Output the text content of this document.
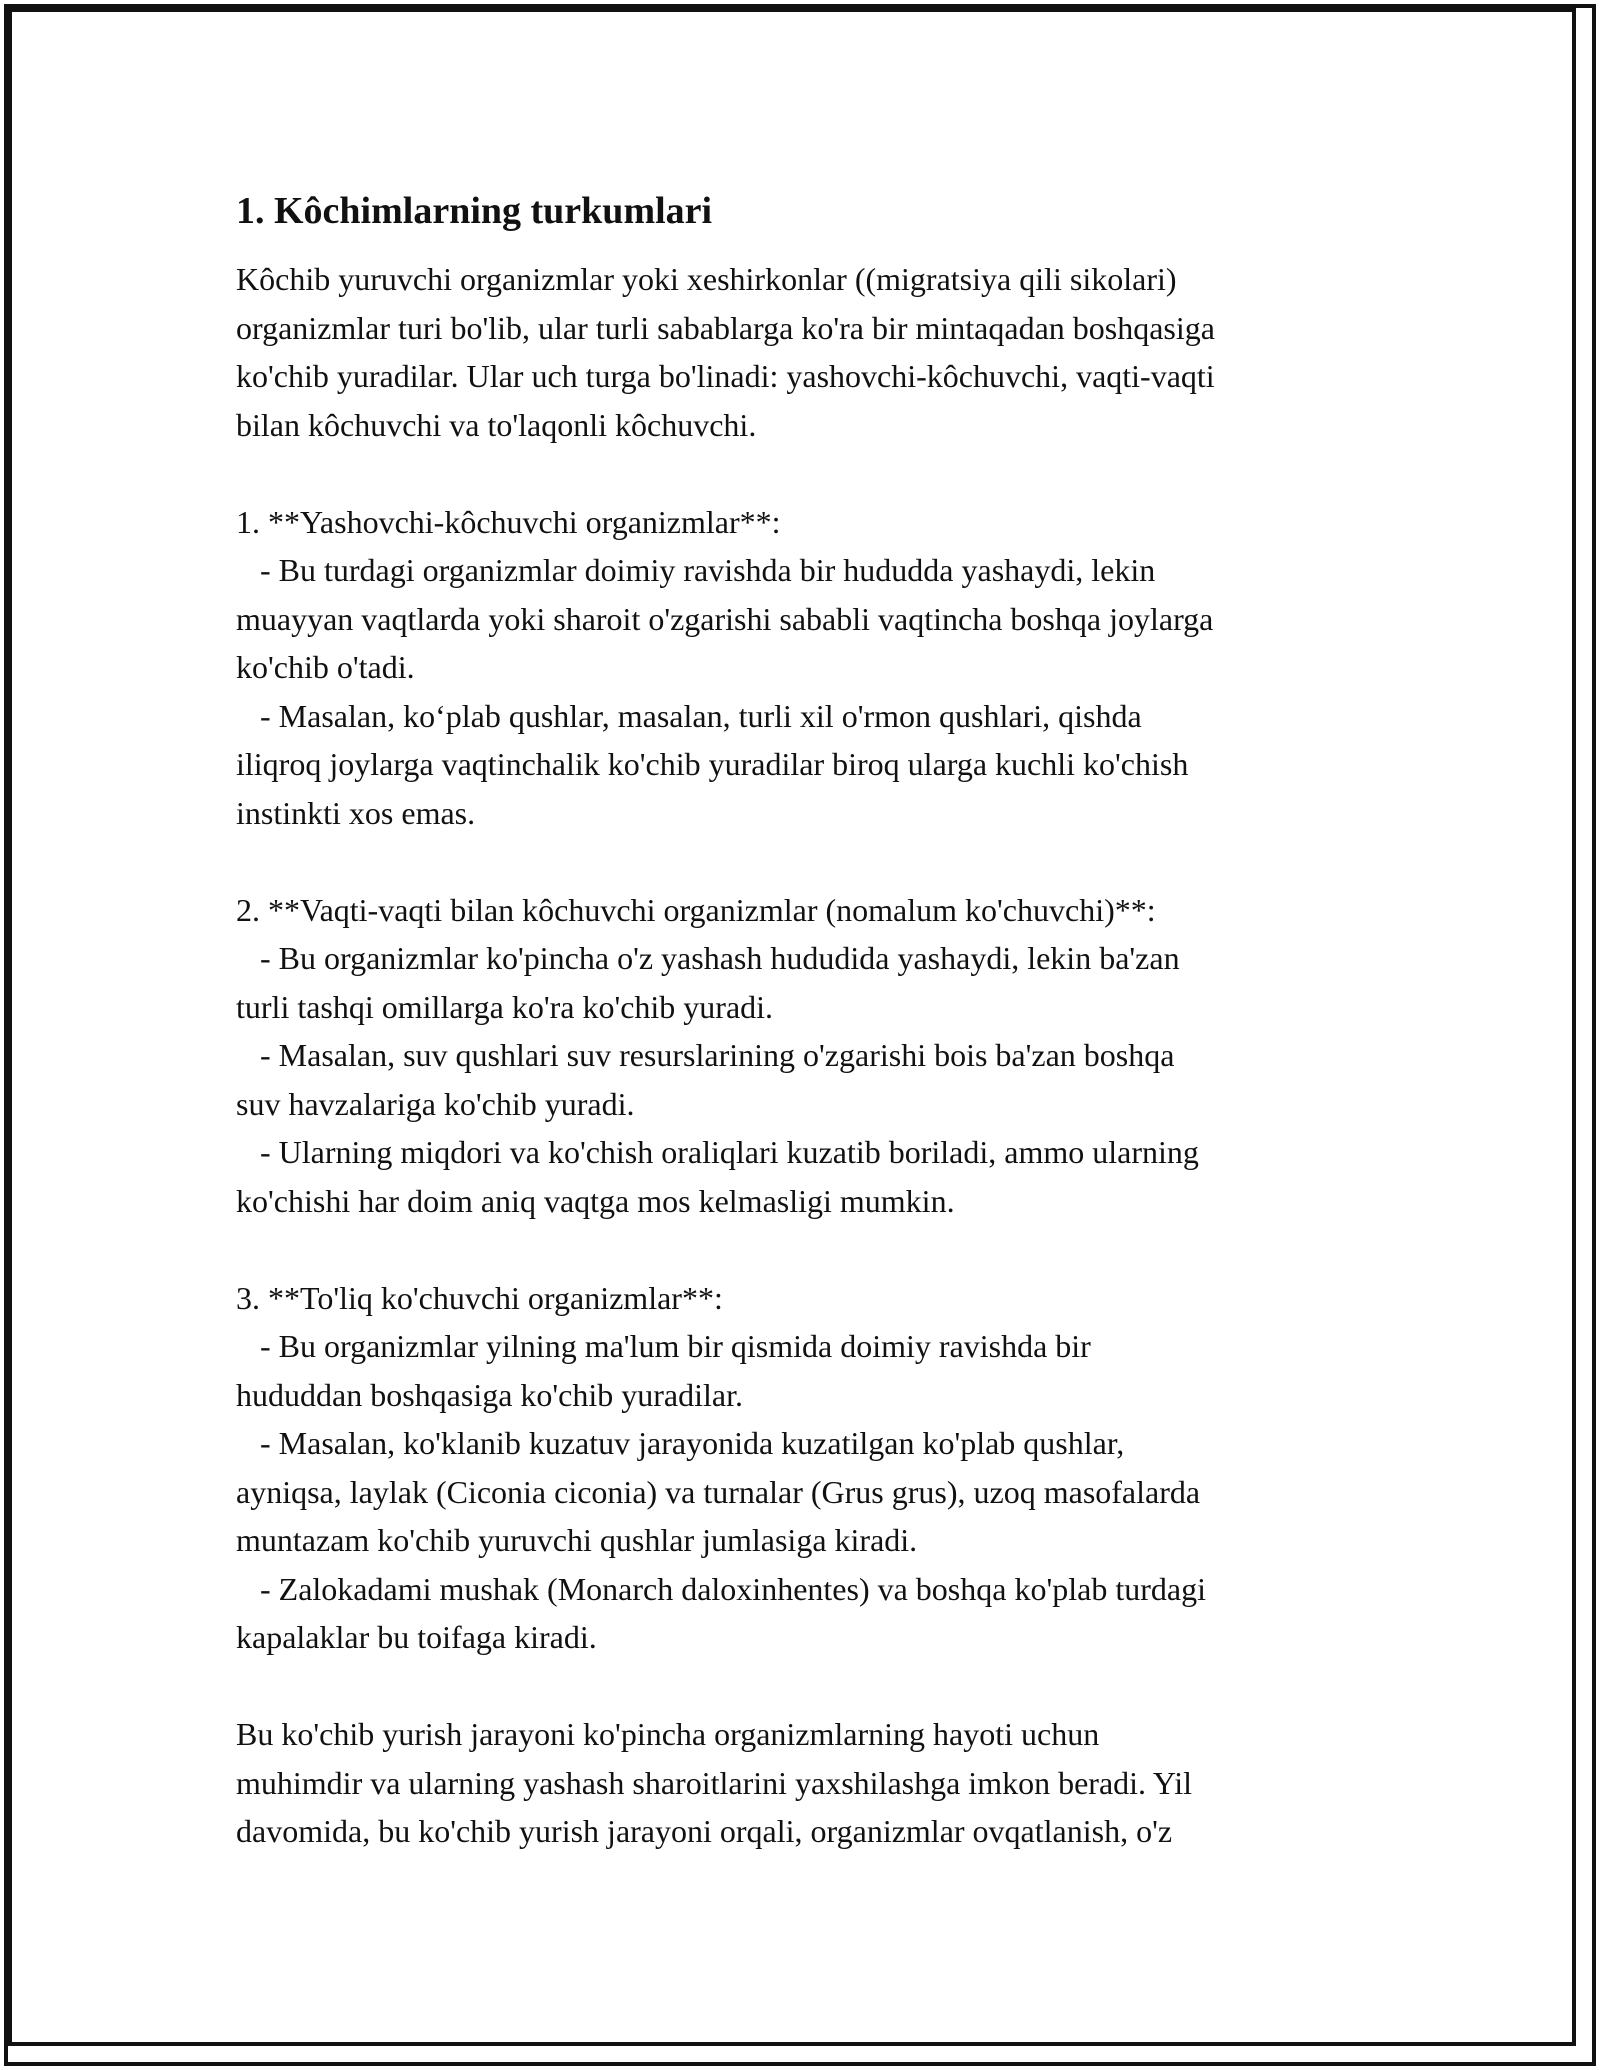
1. Kôchimlarning turkumlari
Kôchib yuruvchi organizmlar yoki xeshirkonlar ((migratsiya qili sikolari)
organizmlar turi bo'lib, ular turli sabablarga ko'ra bir mintaqadan boshqasiga
ko'chib yuradilar. Ular uch turga bo'linadi: yashovchi-kôchuvchi, vaqti-vaqti
bilan kôchuvchi va to'laqonli kôchuvchi.
1. **Yashovchi-kôchuvchi organizmlar**:
- Bu turdagi organizmlar doimiy ravishda bir hududda yashaydi, lekin
muayyan vaqtlarda yoki sharoit o'zgarishi sababli vaqtincha boshqa joylarga
ko'chib o'tadi.
- Masalan, ko‘plab qushlar, masalan, turli xil o'rmon qushlari, qishda
iliqroq joylarga vaqtinchalik ko'chib yuradilar biroq ularga kuchli ko'chish
instinkti xos emas.
2. **Vaqti-vaqti bilan kôchuvchi organizmlar (nomalum ko'chuvchi)**:
- Bu organizmlar ko'pincha o'z yashash hududida yashaydi, lekin ba'zan
turli tashqi omillarga ko'ra ko'chib yuradi.
- Masalan, suv qushlari suv resurslarining o'zgarishi bois ba'zan boshqa
suv havzalariga ko'chib yuradi.
- Ularning miqdori va ko'chish oraliqlari kuzatib boriladi, ammo ularning
ko'chishi har doim aniq vaqtga mos kelmasligi mumkin.
3. **To'liq ko'chuvchi organizmlar**:
- Bu organizmlar yilning ma'lum bir qismida doimiy ravishda bir
hududdan boshqasiga ko'chib yuradilar.
- Masalan, ko'klanib kuzatuv jarayonida kuzatilgan ko'plab qushlar,
ayniqsa, laylak (Ciconia ciconia) va turnalar (Grus grus), uzoq masofalarda
muntazam ko'chib yuruvchi qushlar jumlasiga kiradi.
- Zalokadami mushak (Monarch daloxinhentes) va boshqa ko'plab turdagi
kapalaklar bu toifaga kiradi.
Bu ko'chib yurish jarayoni ko'pincha organizmlarning hayoti uchun
muhimdir va ularning yashash sharoitlarini yaxshilashga imkon beradi. Yil
davomida, bu ko'chib yurish jarayoni orqali, organizmlar ovqatlanish, o'z
